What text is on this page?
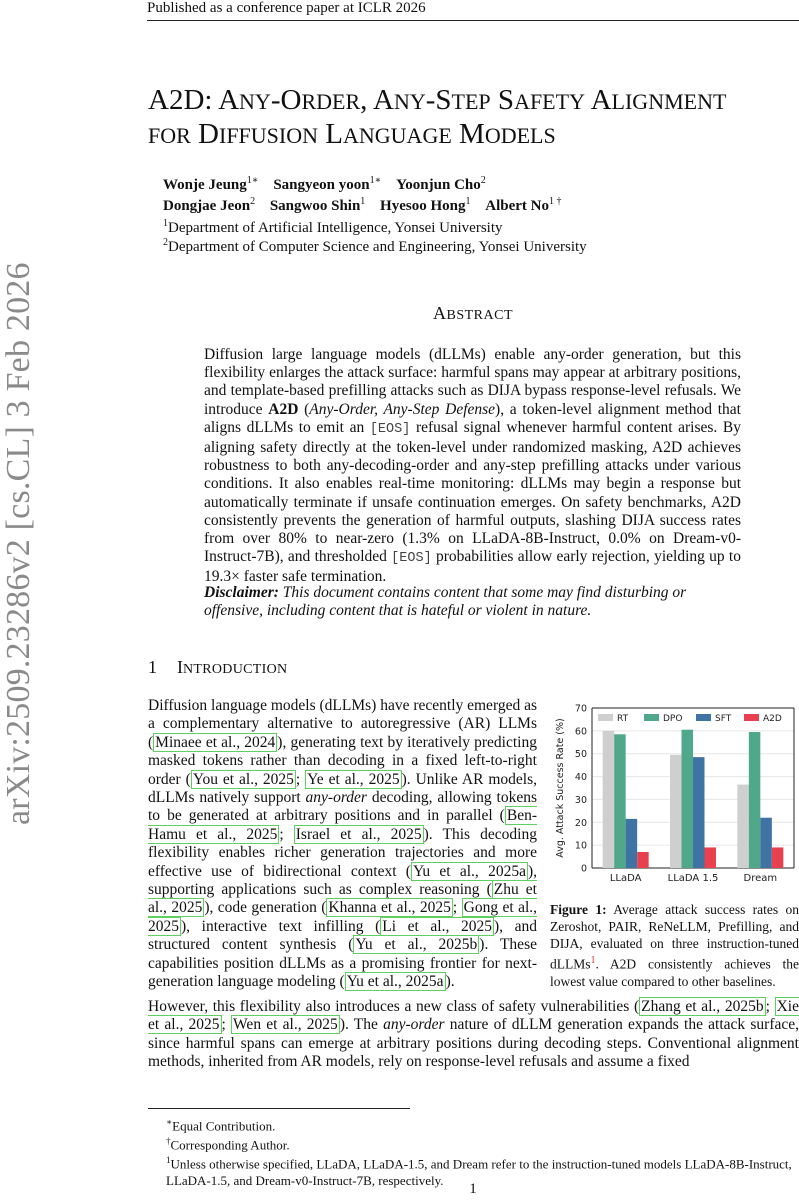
Published as a conference paper at ICLR 2026
arXiv:2509.23286v2 [cs.CL] 3 Feb 2026
A2D: ANY-ORDER, ANY-STEP SAFETY ALIGNMENT
FOR DIFFUSION LANGUAGE MODELS
Wonje Jeung$^{1∗}$ Sangyeon yoon$^{1∗}$ Yoonjun Cho$^2$
Dongjae Jeon$^2$ Sangwoo Shin$^1$ Hyesoo Hong$^1$ Albert $No^{1 \dagger}$
$^1$Department of Artificial Intelligence, Yonsei University
$^2$Department of Computer Science and Engineering, Yonsei University
ABSTRACT
Diffusion large language models (dLLMs) enable any-order generation, but this flexibility enlarges the attack surface: harmful spans may appear at arbitrary positions, and template-based prefilling attacks such as DIJA bypass response-level refusals. We introduce A2D (Any-Order, Any-Step Defense), a token-level alignment method that aligns dLLMs to emit an [EOS] refusal signal whenever harmful content arises. By aligning safety directly at the token-level under randomized masking, A2D achieves robustness to both any-decoding-order and any-step prefilling attacks under various conditions. It also enables real-time monitoring: dLLMs may begin a response but automatically terminate if unsafe continuation emerges. On safety benchmarks, A2D consistently prevents the generation of harmful outputs, slashing DIJA success rates from over 80% to near-zero (1.3% on LLaDA-8B-Instruct, 0.0% on Dream-v0-Instruct-7B), and thresholded [EOS] probabilities allow early rejection, yielding up to 19.3× faster safe termination.
Disclaimer: This document contains content that some may find disturbing or offensive, including content that is hateful or violent in nature.
1 INTRODUCTION
Diffusion language models (dLLMs) have recently emerged as a complementary alternative to autoregressive (AR) LLMs ( Minaee et al., 2024 ), generating text by iteratively predicting masked tokens rather than decoding in a fixed left-to-right order ( You et al., 2025 ; Ye et al., 2025 ). Unlike AR models, dLLMs natively support any-order decoding, allowing tokens to be generated at arbitrary positions and in parallel ( Ben-Hamu et al., 2025 ; Israel et al., 2025 ). This decoding flexibility enables richer generation trajectories and more effective use of bidirectional context ( Yu et al., 2025a ), supporting applications such as complex reasoning ( Zhu et al., 2025 ), code generation ( Khanna et al., 2025 ; Gong et al., 2025 ), interactive text infilling ( Li et al., 2025 ), and structured content synthesis ( Yu et al., 2025b ). These capabilities position dLLMs as a promising frontier for next-generation language modeling ( Yu et al., 2025a ).
0
10
20
30
40
50
60
70
Avg. Attack Success Rate (%)
LLaDA	LLaDA 1.5	Dream
RT	DPO	SFT	A2D
Figure 1: Average attack success rates on Zeroshot, PAIR, ReNeLLM, Prefilling, and DIJA, evaluated on three instruction-tuned dLLMs$^1$. A2D consistently achieves the lowest value compared to other baselines.
However, this flexibility also introduces a new class of safety vulnerabilities ( Zhang et al., 2025b ; Xie et al., 2025 ; Wen et al., 2025 ). The any-order nature of dLLM generation expands the attack surface, since harmful spans can emerge at arbitrary positions during decoding steps. Conventional alignment methods, inherited from AR models, rely on response-level refusals and assume a fixed
∗Equal Contribution.
†Corresponding Author.
$^1$Unless otherwise specified, LLaDA, LLaDA-1.5, and Dream refer to the instruction-tuned models LLaDA-8B-Instruct, LLaDA-1.5, and Dream-v0-Instruct-7B, respectively.
1
